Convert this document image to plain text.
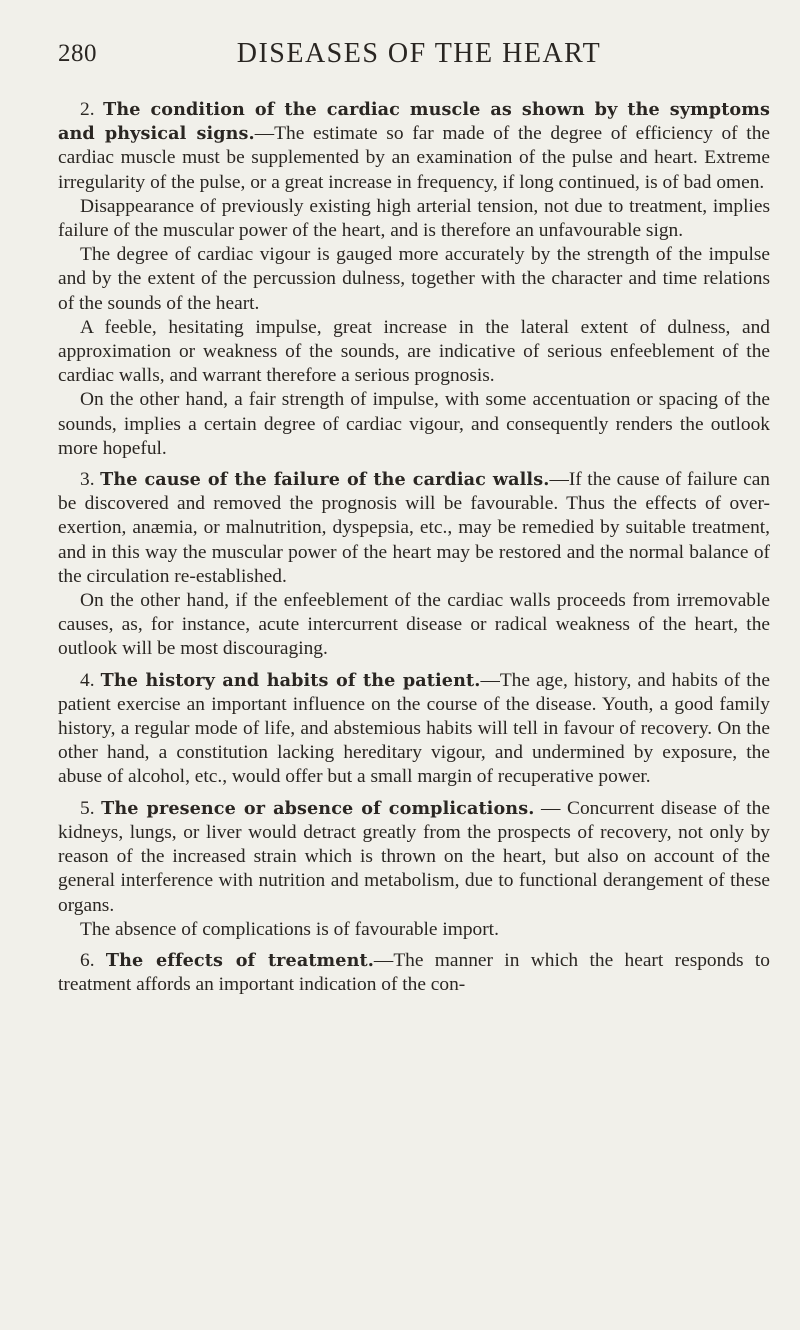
280	DISEASES OF THE HEART

2. The condition of the cardiac muscle as shown by the symptoms and physical signs.—The estimate so far made of the degree of efficiency of the cardiac muscle must be supplemented by an examination of the pulse and heart. Extreme irregularity of the pulse, or a great increase in frequency, if long continued, is of bad omen.

Disappearance of previously existing high arterial tension, not due to treatment, implies failure of the muscular power of the heart, and is therefore an unfavourable sign.

The degree of cardiac vigour is gauged more accurately by the strength of the impulse and by the extent of the percussion dulness, together with the character and time relations of the sounds of the heart.

A feeble, hesitating impulse, great increase in the lateral extent of dulness, and approximation or weakness of the sounds, are indicative of serious enfeeblement of the cardiac walls, and warrant therefore a serious prognosis.

On the other hand, a fair strength of impulse, with some accentuation or spacing of the sounds, implies a certain degree of cardiac vigour, and consequently renders the outlook more hopeful.

3. The cause of the failure of the cardiac walls.—If the cause of failure can be discovered and removed the prognosis will be favourable. Thus the effects of over-exertion, anæmia, or malnutrition, dyspepsia, etc., may be remedied by suitable treatment, and in this way the muscular power of the heart may be restored and the normal balance of the circulation re-established.

On the other hand, if the enfeeblement of the cardiac walls proceeds from irremovable causes, as, for instance, acute intercurrent disease or radical weakness of the heart, the outlook will be most discouraging.

4. The history and habits of the patient.—The age, history, and habits of the patient exercise an important influence on the course of the disease. Youth, a good family history, a regular mode of life, and abstemious habits will tell in favour of recovery. On the other hand, a constitution lacking hereditary vigour, and undermined by exposure, the abuse of alcohol, etc., would offer but a small margin of recuperative power.

5. The presence or absence of complications. — Concurrent disease of the kidneys, lungs, or liver would detract greatly from the prospects of recovery, not only by reason of the increased strain which is thrown on the heart, but also on account of the general interference with nutrition and metabolism, due to functional derangement of these organs.

The absence of complications is of favourable import.

6. The effects of treatment.—The manner in which the heart responds to treatment affords an important indication of the con-
